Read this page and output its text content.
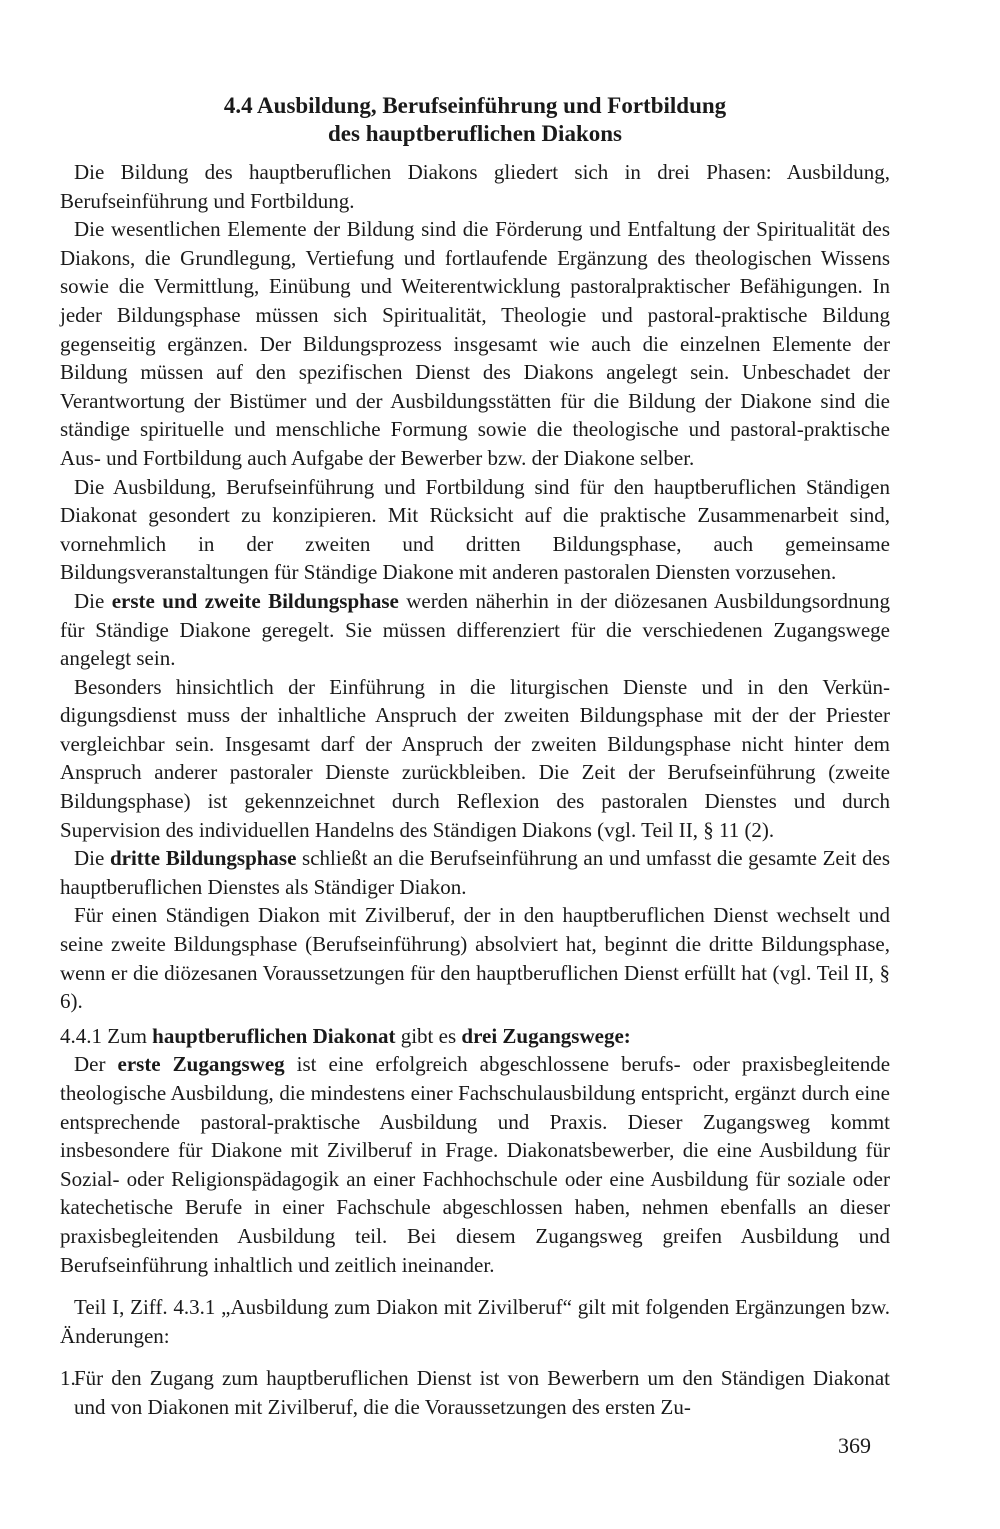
4.4 Ausbildung, Berufseinführung und Fortbildung
des hauptberuflichen Diakons

Die Bildung des hauptberuflichen Diakons gliedert sich in drei Phasen: Ausbildung, Berufseinführung und Fortbildung.

Die wesentlichen Elemente der Bildung sind die Förderung und Entfaltung der Spiritualität des Diakons, die Grundlegung, Vertiefung und fortlaufende Ergänzung des theologischen Wissens sowie die Vermittlung, Einübung und Weiterentwicklung pastoralpraktischer Befähigungen. In jeder Bildungsphase müssen sich Spiritualität, Theologie und pastoral-praktische Bildung gegenseitig ergänzen. Der Bildungsprozess insgesamt wie auch die einzelnen Elemente der Bildung müssen auf den spezifischen Dienst des Diakons angelegt sein. Unbeschadet der Verantwortung der Bistümer und der Ausbildungsstätten für die Bildung der Diakone sind die ständige spirituelle und menschliche Formung sowie die theologische und pastoral-praktische Aus- und Fortbildung auch Aufgabe der Bewerber bzw. der Diakone selber.

Die Ausbildung, Berufseinführung und Fortbildung sind für den hauptberuflichen Ständigen Diakonat gesondert zu konzipieren. Mit Rücksicht auf die praktische Zusammenarbeit sind, vornehmlich in der zweiten und dritten Bildungsphase, auch gemeinsame Bildungsveranstaltungen für Ständige Diakone mit anderen pastoralen Diensten vorzusehen.

Die erste und zweite Bildungsphase werden näherhin in der diözesanen Ausbildungsordnung für Ständige Diakone geregelt. Sie müssen differenziert für die verschiedenen Zugangswege angelegt sein.

Besonders hinsichtlich der Einführung in die liturgischen Dienste und in den Verkündigungsdienst muss der inhaltliche Anspruch der zweiten Bildungsphase mit der der Priester vergleichbar sein. Insgesamt darf der Anspruch der zweiten Bildungsphase nicht hinter dem Anspruch anderer pastoraler Dienste zurückbleiben. Die Zeit der Berufseinführung (zweite Bildungsphase) ist gekennzeichnet durch Reflexion des pastoralen Dienstes und durch Supervision des individuellen Handelns des Ständigen Diakons (vgl. Teil II, § 11 (2).

Die dritte Bildungsphase schließt an die Berufseinführung an und umfasst die gesamte Zeit des hauptberuflichen Dienstes als Ständiger Diakon.

Für einen Ständigen Diakon mit Zivilberuf, der in den hauptberuflichen Dienst wechselt und seine zweite Bildungsphase (Berufseinführung) absolviert hat, beginnt die dritte Bildungsphase, wenn er die diözesanen Voraussetzungen für den hauptberuflichen Dienst erfüllt hat (vgl. Teil II, § 6).

4.4.1 Zum hauptberuflichen Diakonat gibt es drei Zugangswege:

Der erste Zugangsweg ist eine erfolgreich abgeschlossene berufs- oder praxisbegleitende theologische Ausbildung, die mindestens einer Fachschulausbildung entspricht, ergänzt durch eine entsprechende pastoral-praktische Ausbildung und Praxis. Dieser Zugangsweg kommt insbesondere für Diakone mit Zivilberuf in Frage. Diakonatsbewerber, die eine Ausbildung für Sozial- oder Religionspädagogik an einer Fachhochschule oder eine Ausbildung für soziale oder katechetische Berufe in einer Fachschule abgeschlossen haben, nehmen ebenfalls an dieser praxisbegleitenden Ausbildung teil. Bei diesem Zugangsweg greifen Ausbildung und Berufseinführung inhaltlich und zeitlich ineinander.

Teil I, Ziff. 4.3.1 „Ausbildung zum Diakon mit Zivilberuf“ gilt mit folgenden Ergänzungen bzw. Änderungen:

1.
Für den Zugang zum hauptberuflichen Dienst ist von Bewerbern um den Ständigen Diakonat und von Diakonen mit Zivilberuf, die die Voraussetzungen des ersten Zu-
369
